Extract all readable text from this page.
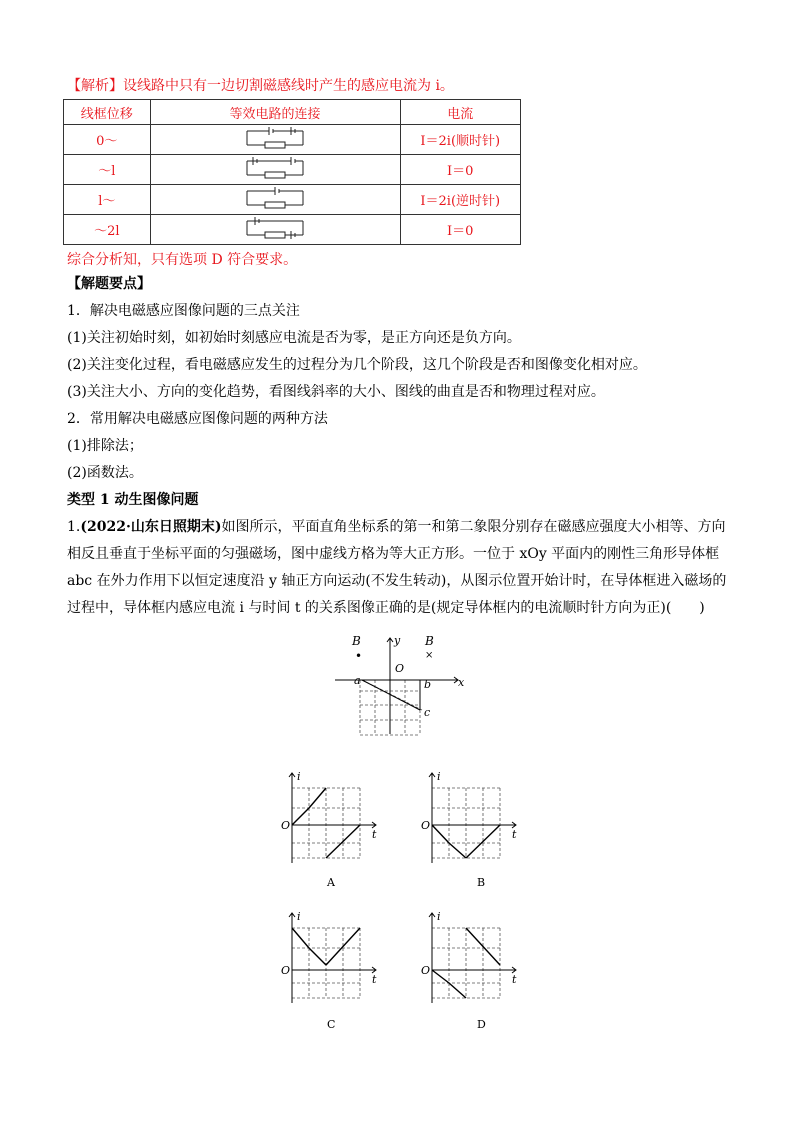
【解析】设线路中只有一边切割磁感线时产生的感应电流为 i。
线框位移	等效电路的连接	电流
0～		I＝2i(顺时针)
～l		I＝0
l～		I＝2i(逆时针)
～2l		I＝0
综合分析知，只有选项 D 符合要求。
【解题要点】
1．解决电磁感应图像问题的三点关注
(1)关注初始时刻，如初始时刻感应电流是否为零，是正方向还是负方向。
(2)关注变化过程，看电磁感应发生的过程分为几个阶段，这几个阶段是否和图像变化相对应。
(3)关注大小、方向的变化趋势，看图线斜率的大小、图线的曲直是否和物理过程对应。
2．常用解决电磁感应图像问题的两种方法
(1)排除法；
(2)函数法。
类型 1 动生图像问题
1.(2022·山东日照期末)如图所示，平面直角坐标系的第一和第二象限分别存在磁感应强度大小相等、方向
相反且垂直于坐标平面的匀强磁场，图中虚线方格为等大正方形。一位于 xOy 平面内的刚性三角形导体框
abc 在外力作用下以恒定速度沿 y 轴正方向运动(不发生转动)，从图示位置开始计时，在导体框进入磁场的
过程中，导体框内感应电流 i 与时间 t 的关系图像正确的是(规定导体框内的电流顺时针方向为正)(　　)
B
•
B
×
y
x
O
a	b
c
i
t
O
A
i
t
O
B
i
t
O
C
i
t
O
D
